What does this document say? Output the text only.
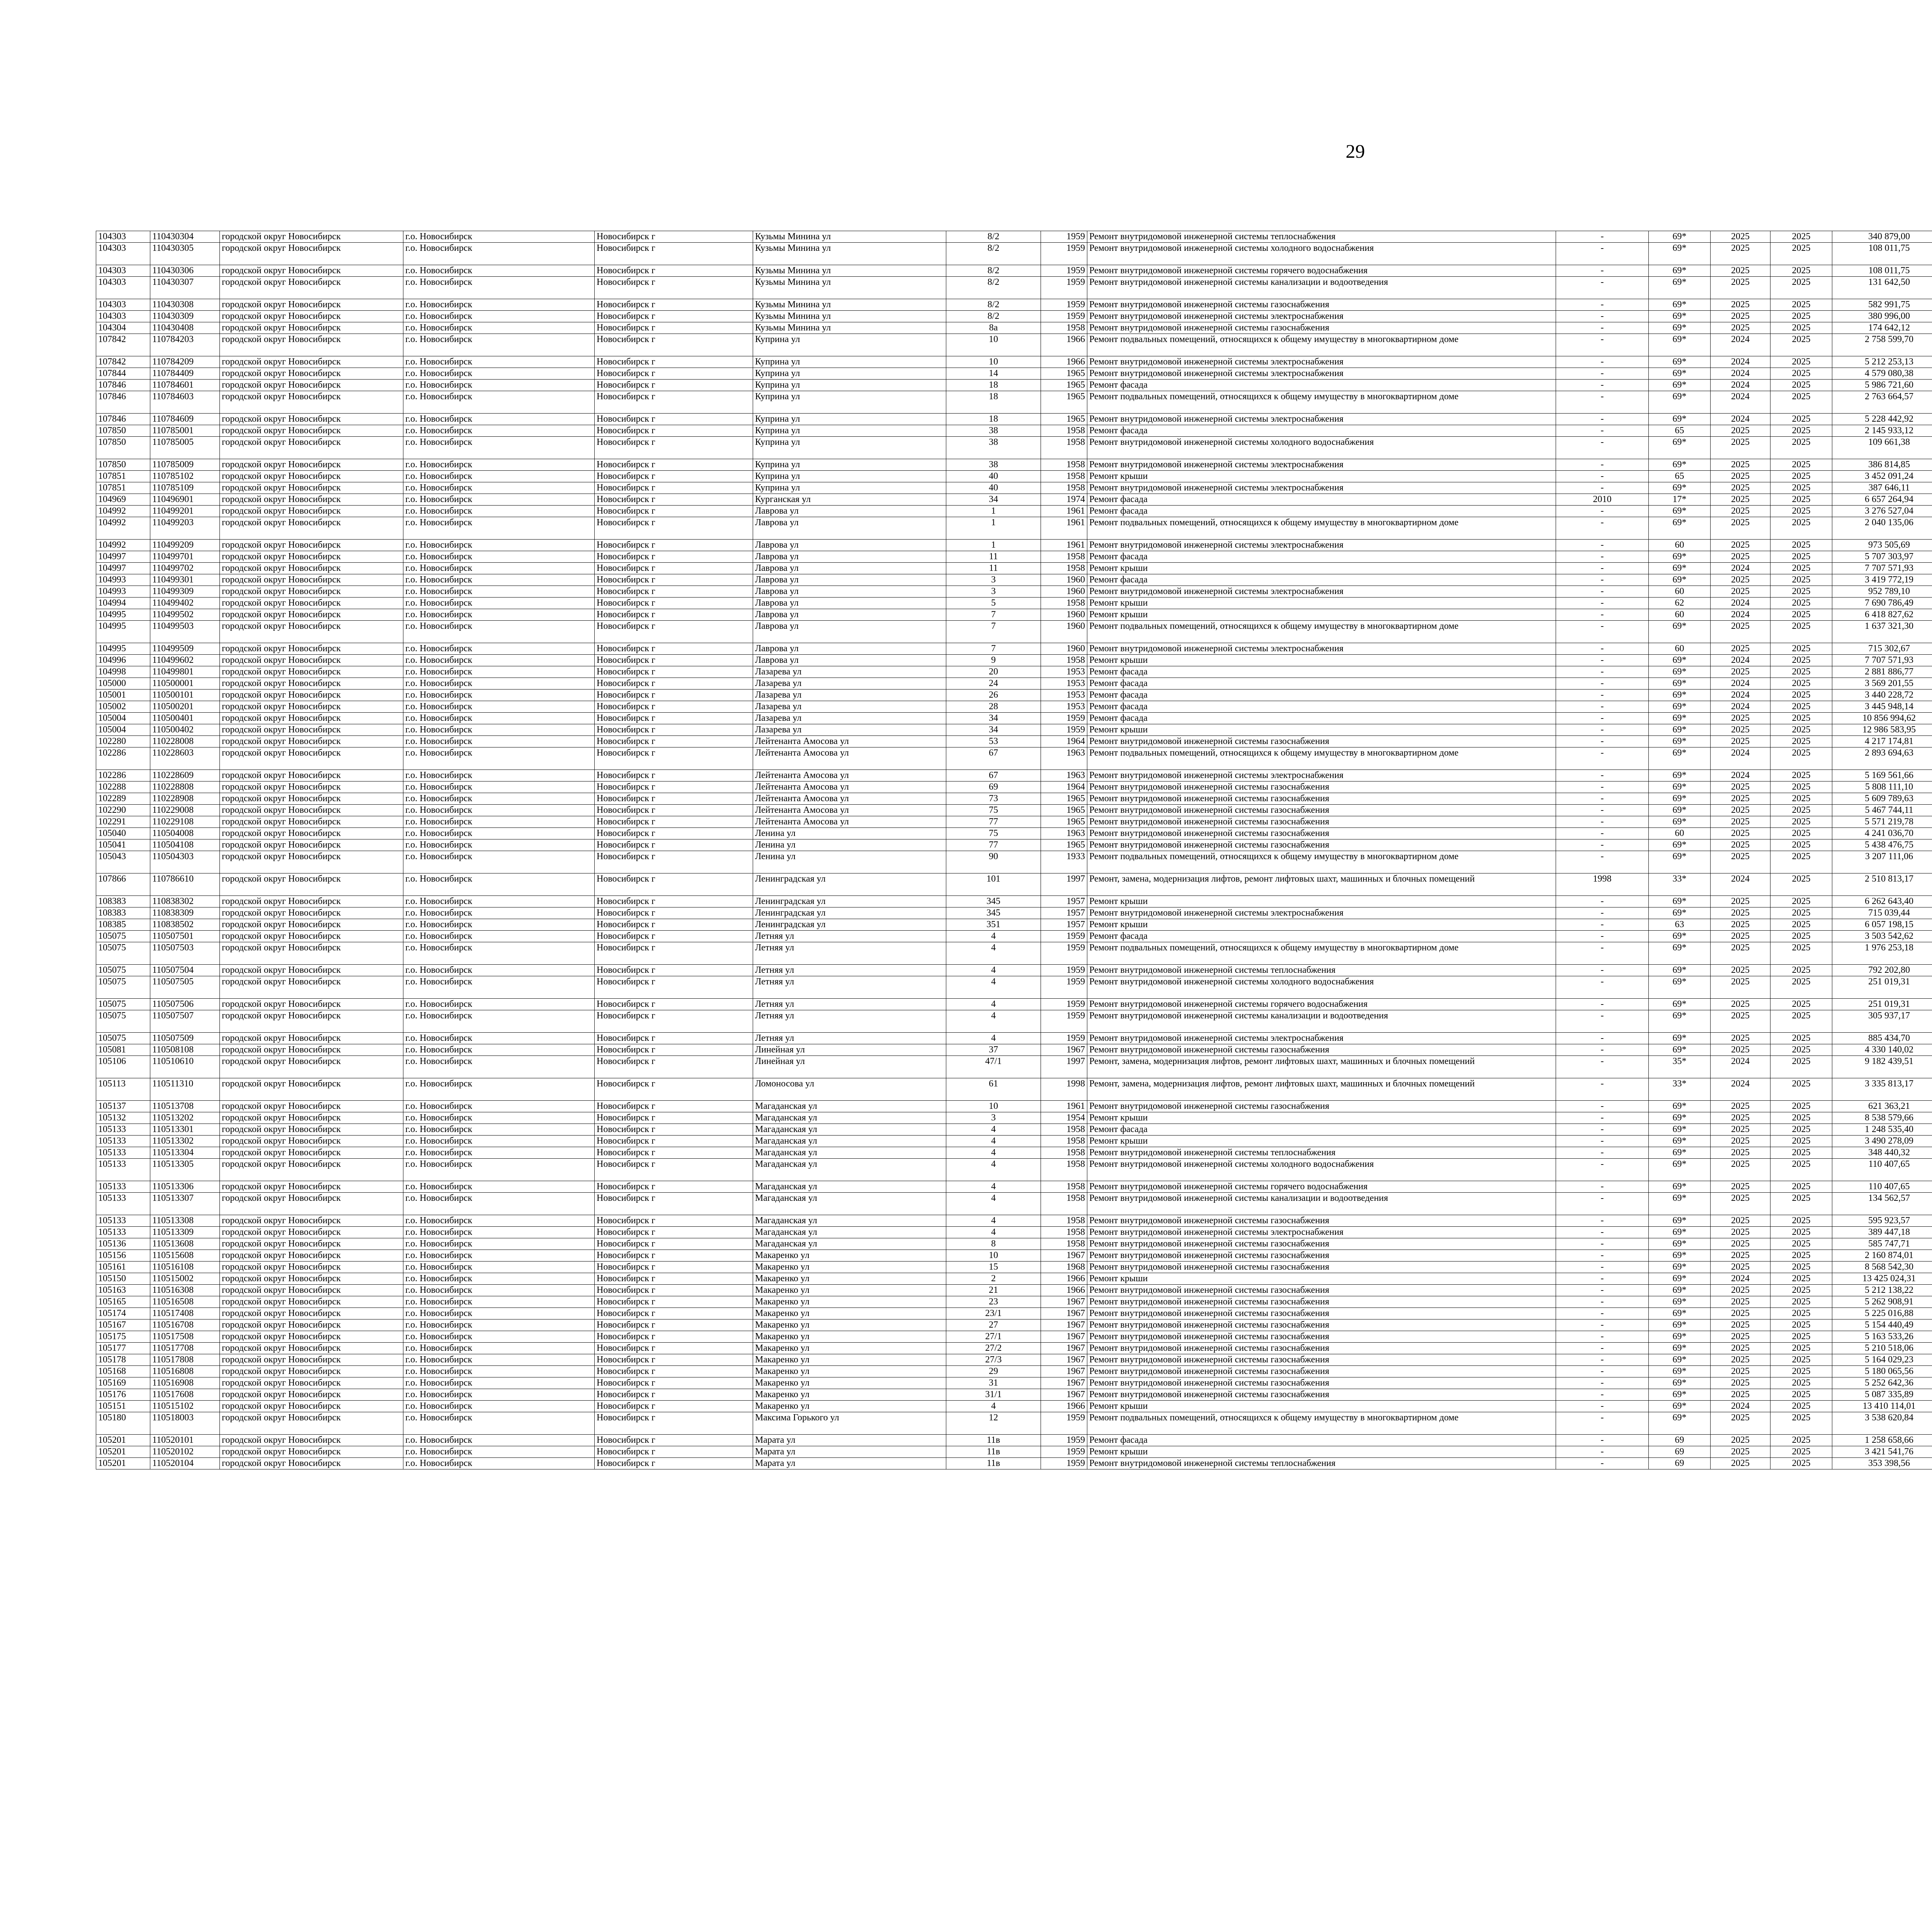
29
104303	110430304	городской округ Новосибирск	г.о. Новосибирск	Новосибирск г	Кузьмы Минина ул	8/2	1959	Ремонт внутридомовой инженерной системы теплоснабжения	-	69*	2025	2025	340 879,00							
104303	110430305	городской округ Новосибирск	г.о. Новосибирск	Новосибирск г	Кузьмы Минина ул	8/2	1959	Ремонт внутридомовой инженерной системы холодного водоснабжения	-	69*	2025	2025	108 011,75							
104303	110430306	городской округ Новосибирск	г.о. Новосибирск	Новосибирск г	Кузьмы Минина ул	8/2	1959	Ремонт внутридомовой инженерной системы горячего водоснабжения	-	69*	2025	2025	108 011,75							
104303	110430307	городской округ Новосибирск	г.о. Новосибирск	Новосибирск г	Кузьмы Минина ул	8/2	1959	Ремонт внутридомовой инженерной системы канализации и водоотведения	-	69*	2025	2025	131 642,50							
104303	110430308	городской округ Новосибирск	г.о. Новосибирск	Новосибирск г	Кузьмы Минина ул	8/2	1959	Ремонт внутридомовой инженерной системы газоснабжения	-	69*	2025	2025	582 991,75							
104303	110430309	городской округ Новосибирск	г.о. Новосибирск	Новосибирск г	Кузьмы Минина ул	8/2	1959	Ремонт внутридомовой инженерной системы электроснабжения	-	69*	2025	2025	380 996,00							
104304	110430408	городской округ Новосибирск	г.о. Новосибирск	Новосибирск г	Кузьмы Минина ул	8а	1958	Ремонт внутридомовой инженерной системы газоснабжения	-	69*	2025	2025	174 642,12							
107842	110784203	городской округ Новосибирск	г.о. Новосибирск	Новосибирск г	Куприна ул	10	1966	Ремонт подвальных помещений, относящихся к общему имуществу в многоквартирном доме	-	69*	2024	2025	2 758 599,70							
107842	110784209	городской округ Новосибирск	г.о. Новосибирск	Новосибирск г	Куприна ул	10	1966	Ремонт внутридомовой инженерной системы электроснабжения	-	69*	2024	2025	5 212 253,13							
107844	110784409	городской округ Новосибирск	г.о. Новосибирск	Новосибирск г	Куприна ул	14	1965	Ремонт внутридомовой инженерной системы электроснабжения	-	69*	2024	2025	4 579 080,38							
107846	110784601	городской округ Новосибирск	г.о. Новосибирск	Новосибирск г	Куприна ул	18	1965	Ремонт фасада	-	69*	2024	2025	5 986 721,60							
107846	110784603	городской округ Новосибирск	г.о. Новосибирск	Новосибирск г	Куприна ул	18	1965	Ремонт подвальных помещений, относящихся к общему имуществу в многоквартирном доме	-	69*	2024	2025	2 763 664,57							
107846	110784609	городской округ Новосибирск	г.о. Новосибирск	Новосибирск г	Куприна ул	18	1965	Ремонт внутридомовой инженерной системы электроснабжения	-	69*	2024	2025	5 228 442,92							
107850	110785001	городской округ Новосибирск	г.о. Новосибирск	Новосибирск г	Куприна ул	38	1958	Ремонт фасада	-	65	2025	2025	2 145 933,12							
107850	110785005	городской округ Новосибирск	г.о. Новосибирск	Новосибирск г	Куприна ул	38	1958	Ремонт внутридомовой инженерной системы холодного водоснабжения	-	69*	2025	2025	109 661,38							
107850	110785009	городской округ Новосибирск	г.о. Новосибирск	Новосибирск г	Куприна ул	38	1958	Ремонт внутридомовой инженерной системы электроснабжения	-	69*	2025	2025	386 814,85							
107851	110785102	городской округ Новосибирск	г.о. Новосибирск	Новосибирск г	Куприна ул	40	1958	Ремонт крыши	-	65	2025	2025	3 452 091,24							
107851	110785109	городской округ Новосибирск	г.о. Новосибирск	Новосибирск г	Куприна ул	40	1958	Ремонт внутридомовой инженерной системы электроснабжения	-	69*	2025	2025	387 646,11							
104969	110496901	городской округ Новосибирск	г.о. Новосибирск	Новосибирск г	Курганская ул	34	1974	Ремонт фасада	2010	17*	2025	2025	6 657 264,94							
104992	110499201	городской округ Новосибирск	г.о. Новосибирск	Новосибирск г	Лаврова ул	1	1961	Ремонт фасада	-	69*	2025	2025	3 276 527,04							
104992	110499203	городской округ Новосибирск	г.о. Новосибирск	Новосибирск г	Лаврова ул	1	1961	Ремонт подвальных помещений, относящихся к общему имуществу в многоквартирном доме	-	69*	2025	2025	2 040 135,06							
104992	110499209	городской округ Новосибирск	г.о. Новосибирск	Новосибирск г	Лаврова ул	1	1961	Ремонт внутридомовой инженерной системы электроснабжения	-	60	2025	2025	973 505,69							
104997	110499701	городской округ Новосибирск	г.о. Новосибирск	Новосибирск г	Лаврова ул	11	1958	Ремонт фасада	-	69*	2025	2025	5 707 303,97							
104997	110499702	городской округ Новосибирск	г.о. Новосибирск	Новосибирск г	Лаврова ул	11	1958	Ремонт крыши	-	69*	2024	2025	7 707 571,93							
104993	110499301	городской округ Новосибирск	г.о. Новосибирск	Новосибирск г	Лаврова ул	3	1960	Ремонт фасада	-	69*	2025	2025	3 419 772,19							
104993	110499309	городской округ Новосибирск	г.о. Новосибирск	Новосибирск г	Лаврова ул	3	1960	Ремонт внутридомовой инженерной системы электроснабжения	-	60	2025	2025	952 789,10							
104994	110499402	городской округ Новосибирск	г.о. Новосибирск	Новосибирск г	Лаврова ул	5	1958	Ремонт крыши	-	62	2024	2025	7 690 786,49							
104995	110499502	городской округ Новосибирск	г.о. Новосибирск	Новосибирск г	Лаврова ул	7	1960	Ремонт крыши	-	60	2024	2025	6 418 827,62							
104995	110499503	городской округ Новосибирск	г.о. Новосибирск	Новосибирск г	Лаврова ул	7	1960	Ремонт подвальных помещений, относящихся к общему имуществу в многоквартирном доме	-	69*	2025	2025	1 637 321,30							
104995	110499509	городской округ Новосибирск	г.о. Новосибирск	Новосибирск г	Лаврова ул	7	1960	Ремонт внутридомовой инженерной системы электроснабжения	-	60	2025	2025	715 302,67							
104996	110499602	городской округ Новосибирск	г.о. Новосибирск	Новосибирск г	Лаврова ул	9	1958	Ремонт крыши	-	69*	2024	2025	7 707 571,93							
104998	110499801	городской округ Новосибирск	г.о. Новосибирск	Новосибирск г	Лазарева ул	20	1953	Ремонт фасада	-	69*	2025	2025	2 881 886,77							
105000	110500001	городской округ Новосибирск	г.о. Новосибирск	Новосибирск г	Лазарева ул	24	1953	Ремонт фасада	-	69*	2024	2025	3 569 201,55							
105001	110500101	городской округ Новосибирск	г.о. Новосибирск	Новосибирск г	Лазарева ул	26	1953	Ремонт фасада	-	69*	2024	2025	3 440 228,72							
105002	110500201	городской округ Новосибирск	г.о. Новосибирск	Новосибирск г	Лазарева ул	28	1953	Ремонт фасада	-	69*	2024	2025	3 445 948,14							
105004	110500401	городской округ Новосибирск	г.о. Новосибирск	Новосибирск г	Лазарева ул	34	1959	Ремонт фасада	-	69*	2025	2025	10 856 994,62							
105004	110500402	городской округ Новосибирск	г.о. Новосибирск	Новосибирск г	Лазарева ул	34	1959	Ремонт крыши	-	69*	2025	2025	12 986 583,95							
102280	110228008	городской округ Новосибирск	г.о. Новосибирск	Новосибирск г	Лейтенанта Амосова ул	53	1964	Ремонт внутридомовой инженерной системы газоснабжения	-	69*	2025	2025	4 217 174,81							
102286	110228603	городской округ Новосибирск	г.о. Новосибирск	Новосибирск г	Лейтенанта Амосова ул	67	1963	Ремонт подвальных помещений, относящихся к общему имуществу в многоквартирном доме	-	69*	2024	2025	2 893 694,63							
102286	110228609	городской округ Новосибирск	г.о. Новосибирск	Новосибирск г	Лейтенанта Амосова ул	67	1963	Ремонт внутридомовой инженерной системы электроснабжения	-	69*	2024	2025	5 169 561,66							
102288	110228808	городской округ Новосибирск	г.о. Новосибирск	Новосибирск г	Лейтенанта Амосова ул	69	1964	Ремонт внутридомовой инженерной системы газоснабжения	-	69*	2025	2025	5 808 111,10							
102289	110228908	городской округ Новосибирск	г.о. Новосибирск	Новосибирск г	Лейтенанта Амосова ул	73	1965	Ремонт внутридомовой инженерной системы газоснабжения	-	69*	2025	2025	5 609 789,63							
102290	110229008	городской округ Новосибирск	г.о. Новосибирск	Новосибирск г	Лейтенанта Амосова ул	75	1965	Ремонт внутридомовой инженерной системы газоснабжения	-	69*	2025	2025	5 467 744,11							
102291	110229108	городской округ Новосибирск	г.о. Новосибирск	Новосибирск г	Лейтенанта Амосова ул	77	1965	Ремонт внутридомовой инженерной системы газоснабжения	-	69*	2025	2025	5 571 219,78							
105040	110504008	городской округ Новосибирск	г.о. Новосибирск	Новосибирск г	Ленина ул	75	1963	Ремонт внутридомовой инженерной системы газоснабжения	-	60	2025	2025	4 241 036,70							
105041	110504108	городской округ Новосибирск	г.о. Новосибирск	Новосибирск г	Ленина ул	77	1965	Ремонт внутридомовой инженерной системы газоснабжения	-	69*	2025	2025	5 438 476,75							
105043	110504303	городской округ Новосибирск	г.о. Новосибирск	Новосибирск г	Ленина ул	90	1933	Ремонт подвальных помещений, относящихся к общему имуществу в многоквартирном доме	-	69*	2025	2025	3 207 111,06							
107866	110786610	городской округ Новосибирск	г.о. Новосибирск	Новосибирск г	Ленинградская ул	101	1997	Ремонт, замена, модернизация лифтов, ремонт лифтовых шахт, машинных и блочных помещений	1998	33*	2024	2025	2 510 813,17							
108383	110838302	городской округ Новосибирск	г.о. Новосибирск	Новосибирск г	Ленинградская ул	345	1957	Ремонт крыши	-	69*	2025	2025	6 262 643,40							
108383	110838309	городской округ Новосибирск	г.о. Новосибирск	Новосибирск г	Ленинградская ул	345	1957	Ремонт внутридомовой инженерной системы электроснабжения	-	69*	2025	2025	715 039,44							
108385	110838502	городской округ Новосибирск	г.о. Новосибирск	Новосибирск г	Ленинградская ул	351	1957	Ремонт крыши	-	63	2025	2025	6 057 198,15							
105075	110507501	городской округ Новосибирск	г.о. Новосибирск	Новосибирск г	Летняя ул	4	1959	Ремонт фасада	-	69*	2025	2025	3 503 542,62							
105075	110507503	городской округ Новосибирск	г.о. Новосибирск	Новосибирск г	Летняя ул	4	1959	Ремонт подвальных помещений, относящихся к общему имуществу в многоквартирном доме	-	69*	2025	2025	1 976 253,18							
105075	110507504	городской округ Новосибирск	г.о. Новосибирск	Новосибирск г	Летняя ул	4	1959	Ремонт внутридомовой инженерной системы теплоснабжения	-	69*	2025	2025	792 202,80							
105075	110507505	городской округ Новосибирск	г.о. Новосибирск	Новосибирск г	Летняя ул	4	1959	Ремонт внутридомовой инженерной системы холодного водоснабжения	-	69*	2025	2025	251 019,31							
105075	110507506	городской округ Новосибирск	г.о. Новосибирск	Новосибирск г	Летняя ул	4	1959	Ремонт внутридомовой инженерной системы горячего водоснабжения	-	69*	2025	2025	251 019,31							
105075	110507507	городской округ Новосибирск	г.о. Новосибирск	Новосибирск г	Летняя ул	4	1959	Ремонт внутридомовой инженерной системы канализации и водоотведения	-	69*	2025	2025	305 937,17							
105075	110507509	городской округ Новосибирск	г.о. Новосибирск	Новосибирск г	Летняя ул	4	1959	Ремонт внутридомовой инженерной системы электроснабжения	-	69*	2025	2025	885 434,70							
105081	110508108	городской округ Новосибирск	г.о. Новосибирск	Новосибирск г	Линейная ул	37	1967	Ремонт внутридомовой инженерной системы газоснабжения	-	69*	2025	2025	4 330 140,02							
105106	110510610	городской округ Новосибирск	г.о. Новосибирск	Новосибирск г	Линейная ул	47/1	1997	Ремонт, замена, модернизация лифтов, ремонт лифтовых шахт, машинных и блочных помещений	-	35*	2024	2025	9 182 439,51							
105113	110511310	городской округ Новосибирск	г.о. Новосибирск	Новосибирск г	Ломоносова ул	61	1998	Ремонт, замена, модернизация лифтов, ремонт лифтовых шахт, машинных и блочных помещений	-	33*	2024	2025	3 335 813,17							
105137	110513708	городской округ Новосибирск	г.о. Новосибирск	Новосибирск г	Магаданская ул	10	1961	Ремонт внутридомовой инженерной системы газоснабжения	-	69*	2025	2025	621 363,21							
105132	110513202	городской округ Новосибирск	г.о. Новосибирск	Новосибирск г	Магаданская ул	3	1954	Ремонт крыши	-	69*	2025	2025	8 538 579,66							
105133	110513301	городской округ Новосибирск	г.о. Новосибирск	Новосибирск г	Магаданская ул	4	1958	Ремонт фасада	-	69*	2025	2025	1 248 535,40							
105133	110513302	городской округ Новосибирск	г.о. Новосибирск	Новосибирск г	Магаданская ул	4	1958	Ремонт крыши	-	69*	2025	2025	3 490 278,09							
105133	110513304	городской округ Новосибирск	г.о. Новосибирск	Новосибирск г	Магаданская ул	4	1958	Ремонт внутридомовой инженерной системы теплоснабжения	-	69*	2025	2025	348 440,32							
105133	110513305	городской округ Новосибирск	г.о. Новосибирск	Новосибирск г	Магаданская ул	4	1958	Ремонт внутридомовой инженерной системы холодного водоснабжения	-	69*	2025	2025	110 407,65							
105133	110513306	городской округ Новосибирск	г.о. Новосибирск	Новосибирск г	Магаданская ул	4	1958	Ремонт внутридомовой инженерной системы горячего водоснабжения	-	69*	2025	2025	110 407,65							
105133	110513307	городской округ Новосибирск	г.о. Новосибирск	Новосибирск г	Магаданская ул	4	1958	Ремонт внутридомовой инженерной системы канализации и водоотведения	-	69*	2025	2025	134 562,57							
105133	110513308	городской округ Новосибирск	г.о. Новосибирск	Новосибирск г	Магаданская ул	4	1958	Ремонт внутридомовой инженерной системы газоснабжения	-	69*	2025	2025	595 923,57							
105133	110513309	городской округ Новосибирск	г.о. Новосибирск	Новосибирск г	Магаданская ул	4	1958	Ремонт внутридомовой инженерной системы электроснабжения	-	69*	2025	2025	389 447,18							
105136	110513608	городской округ Новосибирск	г.о. Новосибирск	Новосибирск г	Магаданская ул	8	1958	Ремонт внутридомовой инженерной системы газоснабжения	-	69*	2025	2025	585 747,71							
105156	110515608	городской округ Новосибирск	г.о. Новосибирск	Новосибирск г	Макаренко ул	10	1967	Ремонт внутридомовой инженерной системы газоснабжения	-	69*	2025	2025	2 160 874,01							
105161	110516108	городской округ Новосибирск	г.о. Новосибирск	Новосибирск г	Макаренко ул	15	1968	Ремонт внутридомовой инженерной системы газоснабжения	-	69*	2025	2025	8 568 542,30							
105150	110515002	городской округ Новосибирск	г.о. Новосибирск	Новосибирск г	Макаренко ул	2	1966	Ремонт крыши	-	69*	2024	2025	13 425 024,31							
105163	110516308	городской округ Новосибирск	г.о. Новосибирск	Новосибирск г	Макаренко ул	21	1966	Ремонт внутридомовой инженерной системы газоснабжения	-	69*	2025	2025	5 212 138,22							
105165	110516508	городской округ Новосибирск	г.о. Новосибирск	Новосибирск г	Макаренко ул	23	1967	Ремонт внутридомовой инженерной системы газоснабжения	-	69*	2025	2025	5 262 908,91							
105174	110517408	городской округ Новосибирск	г.о. Новосибирск	Новосибирск г	Макаренко ул	23/1	1967	Ремонт внутридомовой инженерной системы газоснабжения	-	69*	2025	2025	5 225 016,88							
105167	110516708	городской округ Новосибирск	г.о. Новосибирск	Новосибирск г	Макаренко ул	27	1967	Ремонт внутридомовой инженерной системы газоснабжения	-	69*	2025	2025	5 154 440,49							
105175	110517508	городской округ Новосибирск	г.о. Новосибирск	Новосибирск г	Макаренко ул	27/1	1967	Ремонт внутридомовой инженерной системы газоснабжения	-	69*	2025	2025	5 163 533,26							
105177	110517708	городской округ Новосибирск	г.о. Новосибирск	Новосибирск г	Макаренко ул	27/2	1967	Ремонт внутридомовой инженерной системы газоснабжения	-	69*	2025	2025	5 210 518,06							
105178	110517808	городской округ Новосибирск	г.о. Новосибирск	Новосибирск г	Макаренко ул	27/3	1967	Ремонт внутридомовой инженерной системы газоснабжения	-	69*	2025	2025	5 164 029,23							
105168	110516808	городской округ Новосибирск	г.о. Новосибирск	Новосибирск г	Макаренко ул	29	1967	Ремонт внутридомовой инженерной системы газоснабжения	-	69*	2025	2025	5 180 065,56							
105169	110516908	городской округ Новосибирск	г.о. Новосибирск	Новосибирск г	Макаренко ул	31	1967	Ремонт внутридомовой инженерной системы газоснабжения	-	69*	2025	2025	5 252 642,36							
105176	110517608	городской округ Новосибирск	г.о. Новосибирск	Новосибирск г	Макаренко ул	31/1	1967	Ремонт внутридомовой инженерной системы газоснабжения	-	69*	2025	2025	5 087 335,89							
105151	110515102	городской округ Новосибирск	г.о. Новосибирск	Новосибирск г	Макаренко ул	4	1966	Ремонт крыши	-	69*	2024	2025	13 410 114,01							
105180	110518003	городской округ Новосибирск	г.о. Новосибирск	Новосибирск г	Максима Горького ул	12	1959	Ремонт подвальных помещений, относящихся к общему имуществу в многоквартирном доме	-	69*	2025	2025	3 538 620,84							
105201	110520101	городской округ Новосибирск	г.о. Новосибирск	Новосибирск г	Марата ул	11в	1959	Ремонт фасада	-	69	2025	2025	1 258 658,66							
105201	110520102	городской округ Новосибирск	г.о. Новосибирск	Новосибирск г	Марата ул	11в	1959	Ремонт крыши	-	69	2025	2025	3 421 541,76							
105201	110520104	городской округ Новосибирск	г.о. Новосибирск	Новосибирск г	Марата ул	11в	1959	Ремонт внутридомовой инженерной системы теплоснабжения	-	69	2025	2025	353 398,56							
